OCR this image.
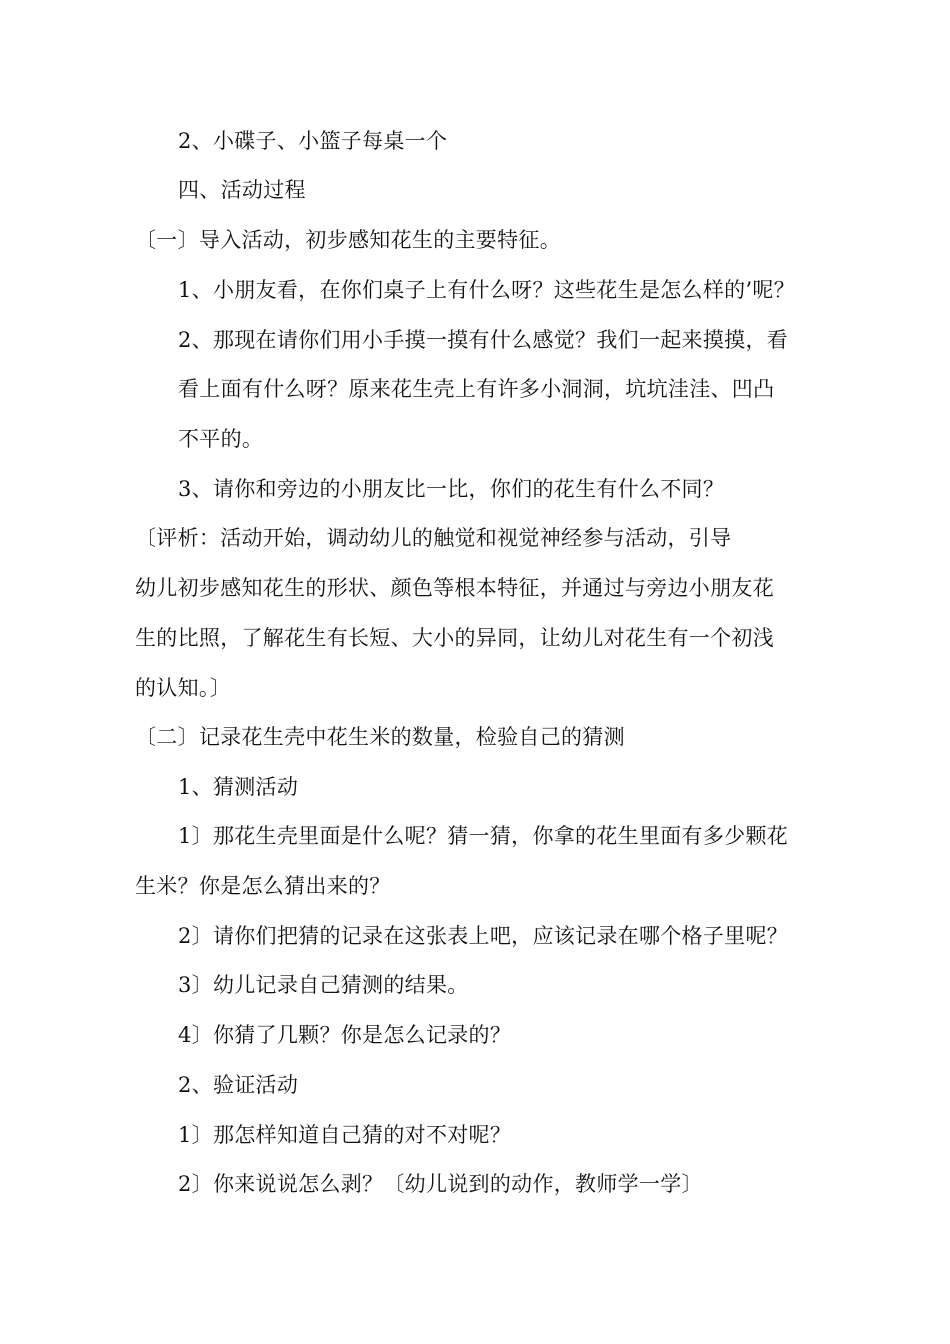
2、小碟子、小篮子每桌一个

四、活动过程

〔一〕导入活动，初步感知花生的主要特征。

1、小朋友看，在你们桌子上有什么呀？这些花生是怎么样的’呢？

2、那现在请你们用小手摸一摸有什么感觉？我们一起来摸摸，看

看上面有什么呀？原来花生壳上有许多小洞洞，坑坑洼洼、凹凸

不平的。

3、请你和旁边的小朋友比一比，你们的花生有什么不同？

〔评析：活动开始，调动幼儿的触觉和视觉神经参与活动，引导

幼儿初步感知花生的形状、颜色等根本特征，并通过与旁边小朋友花

生的比照，了解花生有长短、大小的异同，让幼儿对花生有一个初浅

的认知。〕

〔二〕记录花生壳中花生米的数量，检验自己的猜测

1、猜测活动

1〕那花生壳里面是什么呢？猜一猜，你拿的花生里面有多少颗花

生米？你是怎么猜出来的？

2〕请你们把猜的记录在这张表上吧，应该记录在哪个格子里呢？

3〕幼儿记录自己猜测的结果。

4〕你猜了几颗？你是怎么记录的？

2、验证活动

1〕那怎样知道自己猜的对不对呢？

2〕你来说说怎么剥？〔幼儿说到的动作，教师学一学〕
